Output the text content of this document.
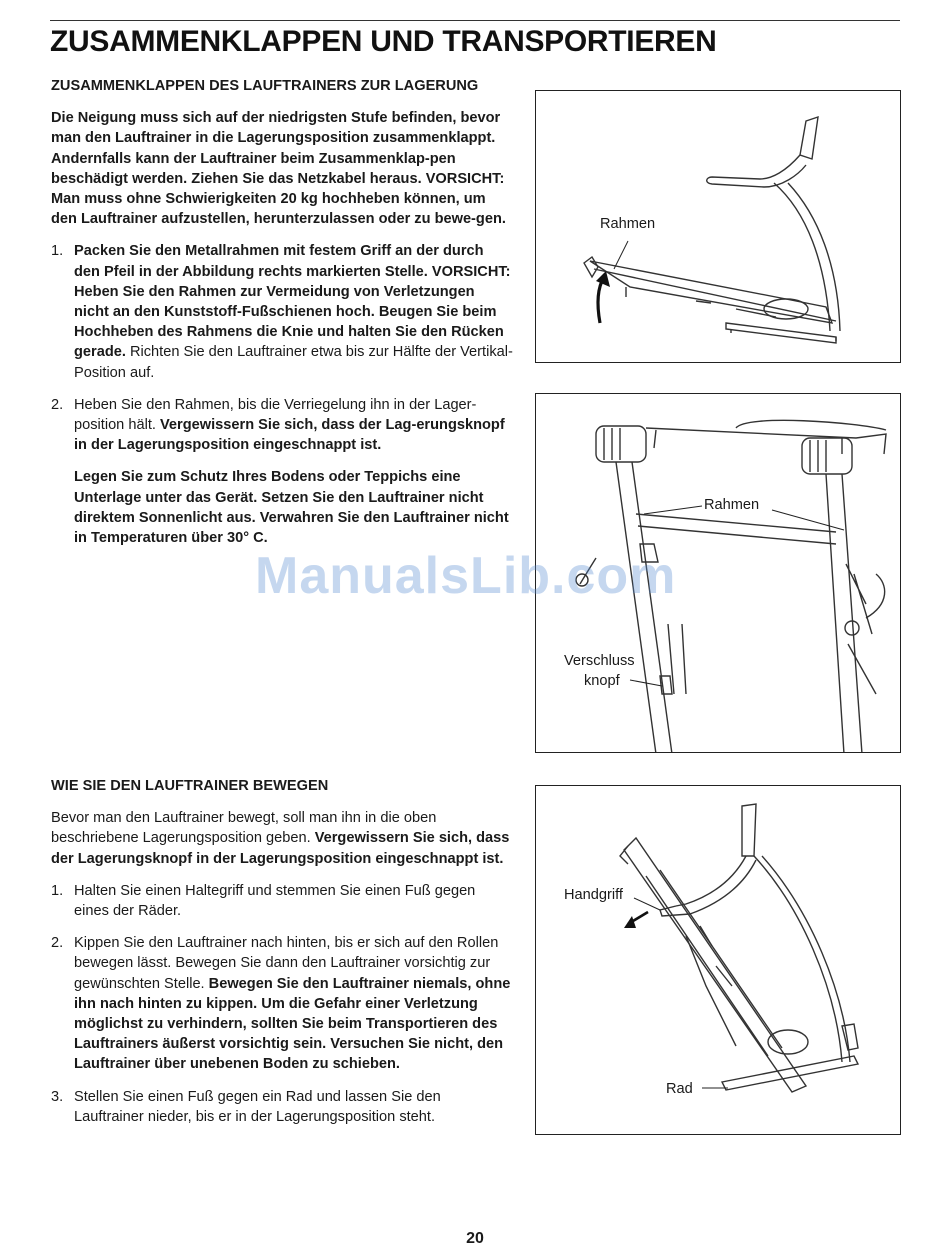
ZUSAMMENKLAPPEN UND TRANSPORTIEREN

ZUSAMMENKLAPPEN DES LAUFTRAINERS ZUR LAGERUNG

Die Neigung muss sich auf der niedrigsten Stufe befinden, bevor man den Lauftrainer in die Lagerungsposition zusammenklappt. Andernfalls kann der Lauftrainer beim Zusammenklap-pen beschädigt werden. Ziehen Sie das Netzkabel heraus. VORSICHT: Man muss ohne Schwierigkeiten 20 kg hochheben können, um den Lauftrainer aufzustellen, herunterzulassen oder zu bewe-gen.

1. Packen Sie den Metallrahmen mit festem Griff an der durch den Pfeil in der Abbildung rechts markierten Stelle. VORSICHT: Heben Sie den Rahmen zur Vermeidung von Verletzungen nicht an den Kunststoff-Fußschienen hoch. Beugen Sie beim Hochheben des Rahmens die Knie und halten Sie den Rücken gerade. Richten Sie den Lauftrainer etwa bis zur Hälfte der Vertikal-Position auf.
2. Heben Sie den Rahmen, bis die Verriegelung ihn in der Lager-position hält. Vergewissern Sie sich, dass der Lag-erungsknopf in der Lagerungsposition eingeschnappt ist.

Legen Sie zum Schutz Ihres Bodens oder Teppichs eine Unterlage unter das Gerät. Setzen Sie den Lauftrainer nicht direktem Sonnenlicht aus. Verwahren Sie den Lauftrainer nicht in Temperaturen über 30° C.

WIE SIE DEN LAUFTRAINER BEWEGEN

Bevor man den Lauftrainer bewegt, soll man ihn in die oben beschriebene Lagerungsposition geben. Vergewissern Sie sich, dass der Lagerungsknopf in der Lagerungsposition eingeschnappt ist.

1. Halten Sie einen Haltegriff und stemmen Sie einen Fuß gegen eines der Räder.
2. Kippen Sie den Lauftrainer nach hinten, bis er sich auf den Rollen bewegen lässt. Bewegen Sie dann den Lauftrainer vorsichtig zur gewünschten Stelle. Bewegen Sie den Lauftrainer niemals, ohne ihn nach hinten zu kippen. Um die Gefahr einer Verletzung möglichst zu verhindern, sollten Sie beim Transportieren des Lauftrainers äußerst vorsichtig sein. Versuchen Sie nicht, den Lauftrainer über unebenen Boden zu schieben.
3. Stellen Sie einen Fuß gegen ein Rad und lassen Sie den Lauftrainer nieder, bis er in der Lagerungsposition steht.
Rahmen
Rahmen
Verschluss
knopf
Handgriff
Rad
ManualsLib.com
20
